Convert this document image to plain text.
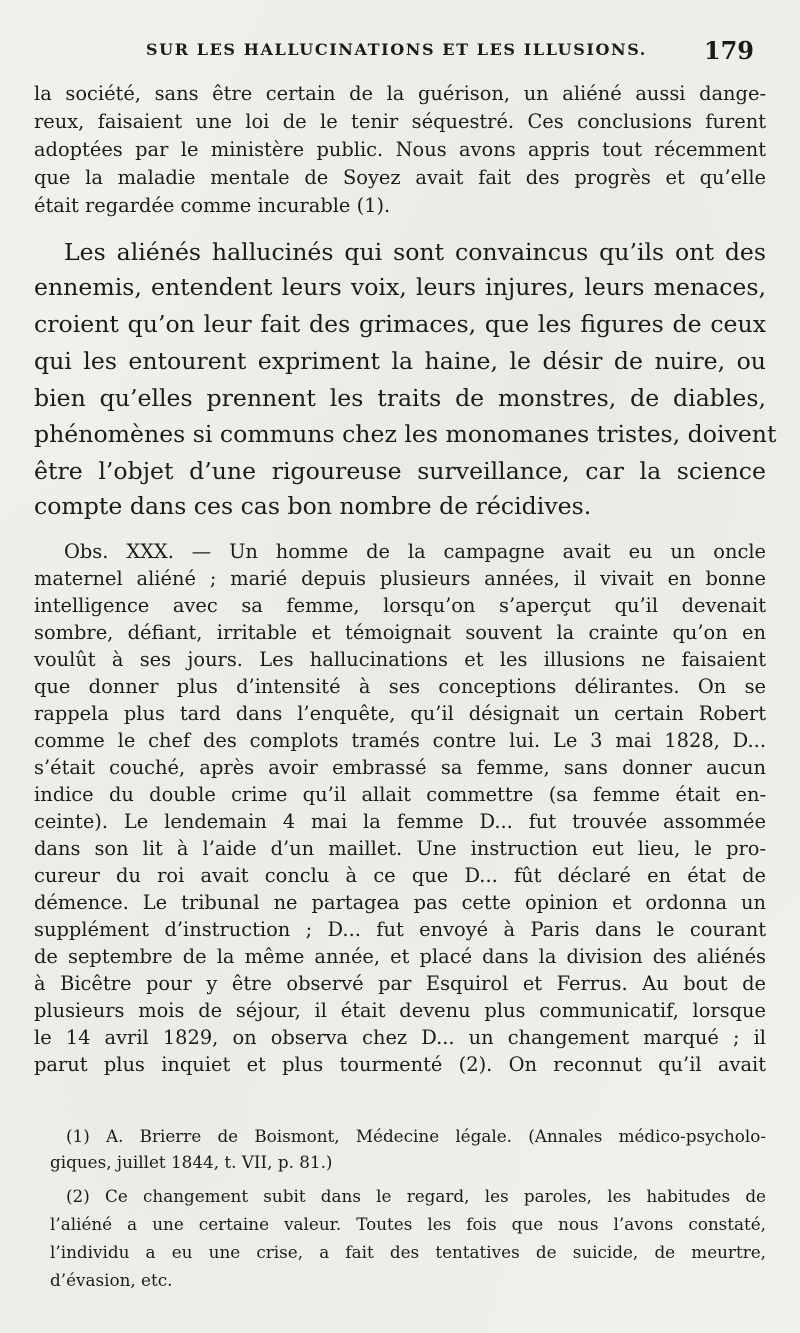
SUR LES HALLUCINATIONS ET LES ILLUSIONS. 179
la société, sans être certain de la guérison, un aliéné aussi dange-
reux, faisaient une loi de le tenir séquestré. Ces conclusions furent
adoptées par le ministère public. Nous avons appris tout récemment
que la maladie mentale de Soyez avait fait des progrès et qu’elle
était regardée comme incurable (1).
Les aliénés hallucinés qui sont convaincus qu’ils ont des
ennemis, entendent leurs voix, leurs injures, leurs menaces,
croient qu’on leur fait des grimaces, que les figures de ceux
qui les entourent expriment la haine, le désir de nuire, ou
bien qu’elles prennent les traits de monstres, de diables,
phénomènes si communs chez les monomanes tristes, doivent
être l’objet d’une rigoureuse surveillance, car la science
compte dans ces cas bon nombre de récidives.
Obs. XXX. — Un homme de la campagne avait eu un oncle
maternel aliéné ; marié depuis plusieurs années, il vivait en bonne
intelligence avec sa femme, lorsqu’on s’aperçut qu’il devenait
sombre, défiant, irritable et témoignait souvent la crainte qu’on en
voulût à ses jours. Les hallucinations et les illusions ne faisaient
que donner plus d’intensité à ses conceptions délirantes. On se
rappela plus tard dans l’enquête, qu’il désignait un certain Robert
comme le chef des complots tramés contre lui. Le 3 mai 1828, D...
s’était couché, après avoir embrassé sa femme, sans donner aucun
indice du double crime qu’il allait commettre (sa femme était en-
ceinte). Le lendemain 4 mai la femme D... fut trouvée assommée
dans son lit à l’aide d’un maillet. Une instruction eut lieu, le pro-
cureur du roi avait conclu à ce que D... fût déclaré en état de
démence. Le tribunal ne partagea pas cette opinion et ordonna un
supplément d’instruction ; D... fut envoyé à Paris dans le courant
de septembre de la même année, et placé dans la division des aliénés
à Bicêtre pour y être observé par Esquirol et Ferrus. Au bout de
plusieurs mois de séjour, il était devenu plus communicatif, lorsque
le 14 avril 1829, on observa chez D... un changement marqué ; il
parut plus inquiet et plus tourmenté (2). On reconnut qu’il avait
(1) A. Brierre de Boismont, Médecine légale. (Annales médico-psycholo-
giques, juillet 1844, t. VII, p. 81.)
(2) Ce changement subit dans le regard, les paroles, les habitudes de
l’aliéné a une certaine valeur. Toutes les fois que nous l’avons constaté,
l’individu a eu une crise, a fait des tentatives de suicide, de meurtre,
d’évasion, etc.
